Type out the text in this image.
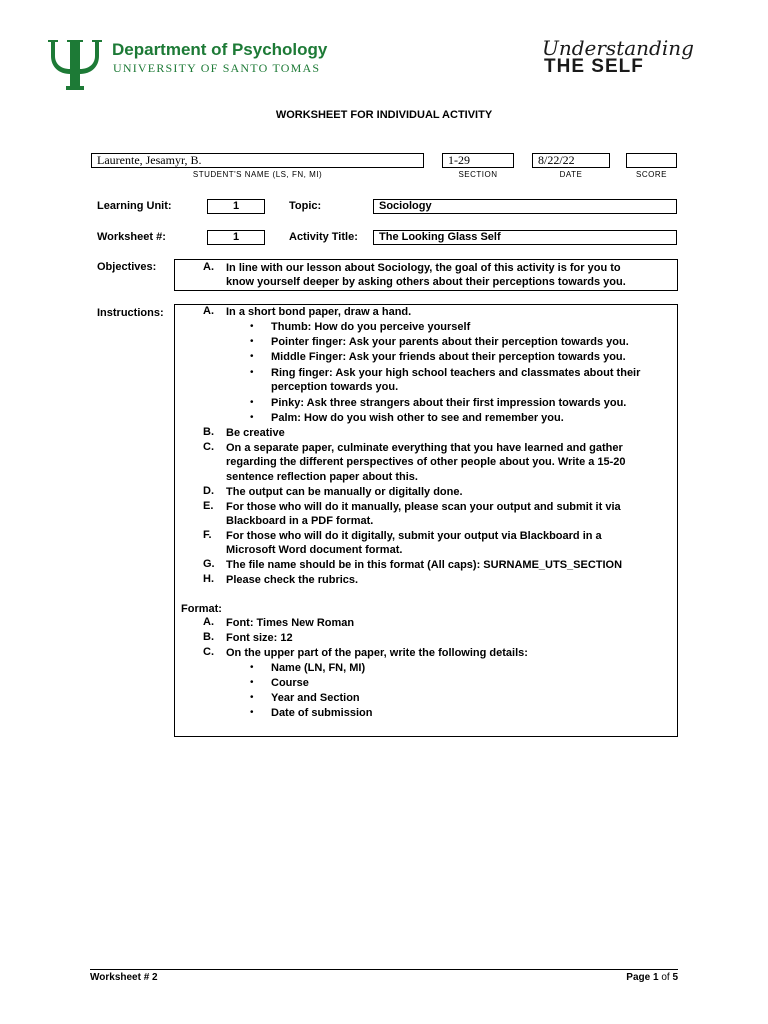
Department of Psychology
UNIVERSITY OF SANTO TOMAS
Understanding
THE SELF
WORKSHEET FOR INDIVIDUAL ACTIVITY
Laurente, Jesamyr, B.
STUDENT'S NAME (LS, FN, MI)
1-29
SECTION
8/22/22
DATE	SCORE
Learning Unit:	1	Topic:	Sociology
Worksheet #:	1	Activity Title:	The Looking Glass Self
Objectives:	A. In line with our lesson about Sociology, the goal of this activity is for you to
know yourself deeper by asking others about their perceptions towards you.
Instructions:	A. In a short bond paper, draw a hand.
• Thumb: How do you perceive yourself
• Pointer finger: Ask your parents about their perception towards you.
• Middle Finger: Ask your friends about their perception towards you.
• Ring finger: Ask your high school teachers and classmates about their
perception towards you.
• Pinky: Ask three strangers about their first impression towards you.
• Palm: How do you wish other to see and remember you.
B. Be creative
C. On a separate paper, culminate everything that you have learned and gather
regarding the different perspectives of other people about you. Write a 15-20
sentence reflection paper about this.
D. The output can be manually or digitally done.
E. For those who will do it manually, please scan your output and submit it via
Blackboard in a PDF format.
F. For those who will do it digitally, submit your output via Blackboard in a
Microsoft Word document format.
G. The file name should be in this format (All caps): SURNAME_UTS_SECTION
H. Please check the rubrics.
Format:
A. Font: Times New Roman
B. Font size: 12
C. On the upper part of the paper, write the following details:
• Name (LN, FN, MI)
• Course
• Year and Section
• Date of submission
Worksheet # 2	Page 1 of 5
